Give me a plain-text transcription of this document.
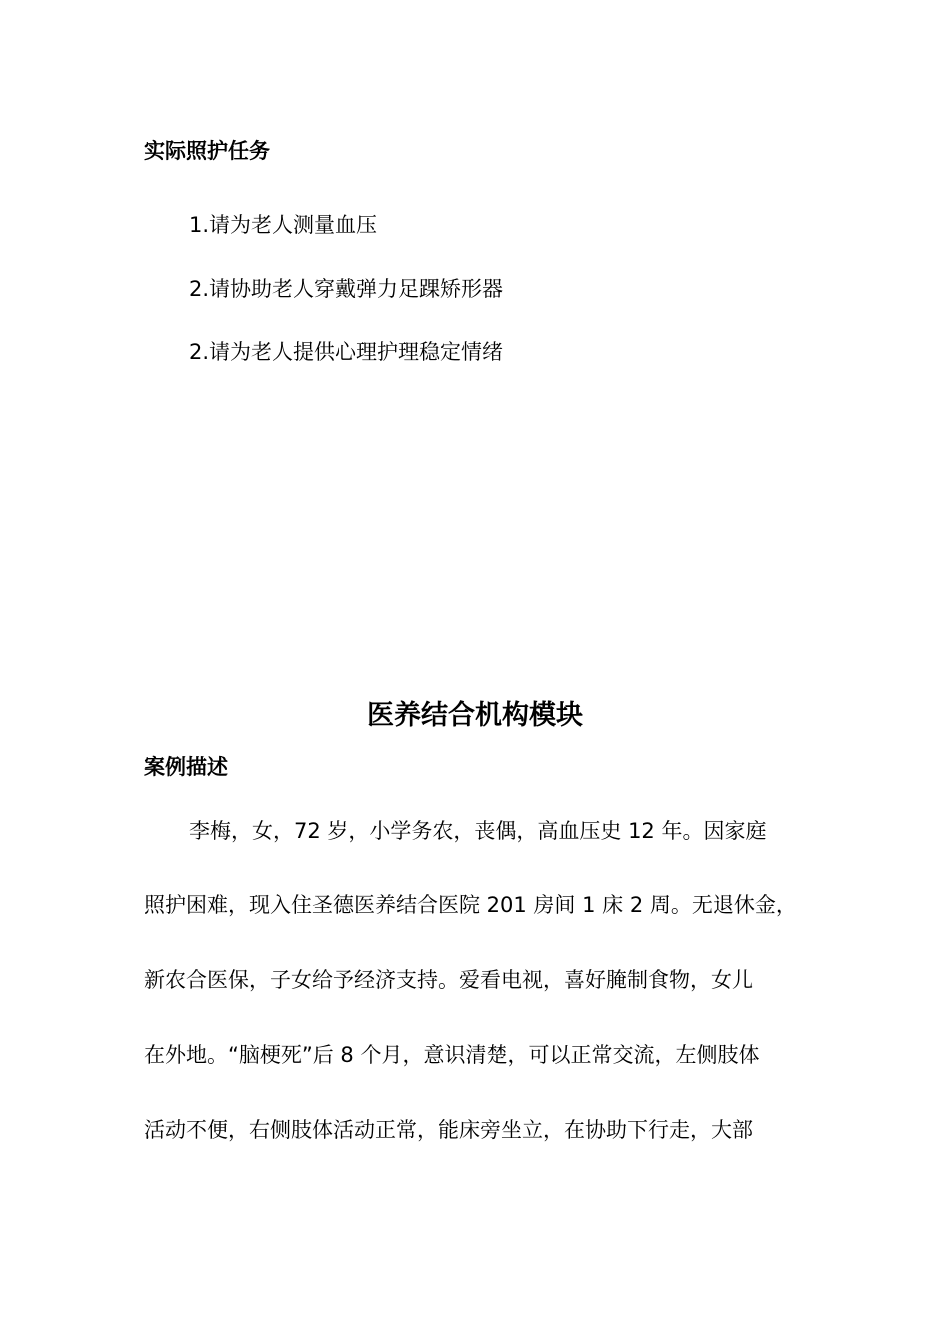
实际照护任务
1.请为老人测量血压
2.请协助老人穿戴弹力足踝矫形器
2.请为老人提供心理护理稳定情绪
医养结合机构模块
案例描述
李梅，女，72 岁，小学务农，丧偶，高血压史 12 年。因家庭
照护困难，现入住圣德医养结合医院 201 房间 1 床 2 周。无退休金，
新农合医保，子女给予经济支持。爱看电视，喜好腌制食物，女儿
在外地。“脑梗死”后 8 个月，意识清楚，可以正常交流，左侧肢体
活动不便，右侧肢体活动正常，能床旁坐立，在协助下行走，大部
